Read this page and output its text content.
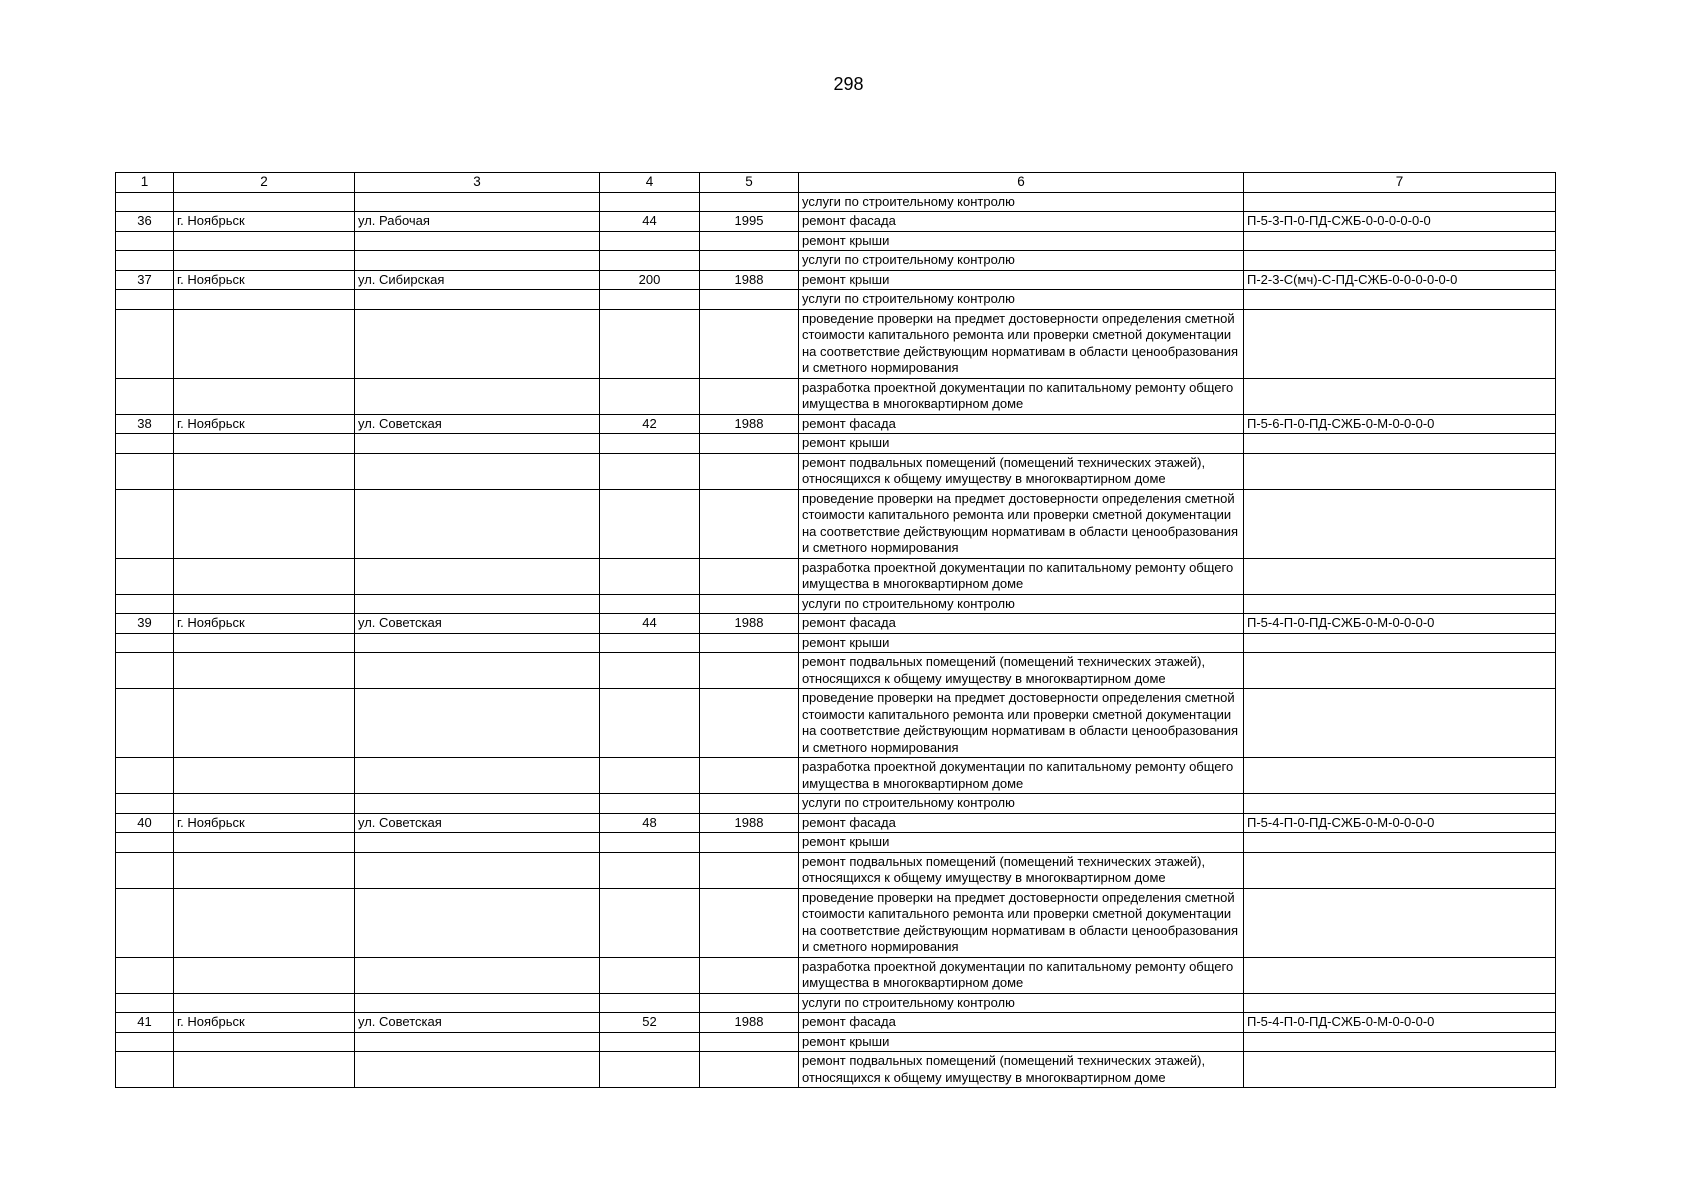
298
1	2	3	4	5	6	7
					услуги по строительному контролю	
36	г. Ноябрьск	ул. Рабочая	44	1995	ремонт фасада	П-5-3-П-0-ПД-СЖБ-0-0-0-0-0-0
					ремонт крыши	
					услуги по строительному контролю	
37	г. Ноябрьск	ул. Сибирская	200	1988	ремонт крыши	П-2-3-С(мч)-С-ПД-СЖБ-0-0-0-0-0-0
					услуги по строительному контролю	
					проведение проверки на предмет достоверности определения сметной стоимости капитального ремонта или проверки сметной документации на соответствие действующим нормативам в области ценообразования и сметного нормирования	
					разработка проектной документации по капитальному ремонту общего имущества в многоквартирном доме	
38	г. Ноябрьск	ул. Советская	42	1988	ремонт фасада	П-5-6-П-0-ПД-СЖБ-0-М-0-0-0-0
					ремонт крыши	
					ремонт подвальных помещений (помещений технических этажей), относящихся к общему имуществу в многоквартирном доме	
					проведение проверки на предмет достоверности определения сметной стоимости капитального ремонта или проверки сметной документации на соответствие действующим нормативам в области ценообразования и сметного нормирования	
					разработка проектной документации по капитальному ремонту общего имущества в многоквартирном доме	
					услуги по строительному контролю	
39	г. Ноябрьск	ул. Советская	44	1988	ремонт фасада	П-5-4-П-0-ПД-СЖБ-0-М-0-0-0-0
					ремонт крыши	
					ремонт подвальных помещений (помещений технических этажей), относящихся к общему имуществу в многоквартирном доме	
					проведение проверки на предмет достоверности определения сметной стоимости капитального ремонта или проверки сметной документации на соответствие действующим нормативам в области ценообразования и сметного нормирования	
					разработка проектной документации по капитальному ремонту общего имущества в многоквартирном доме	
					услуги по строительному контролю	
40	г. Ноябрьск	ул. Советская	48	1988	ремонт фасада	П-5-4-П-0-ПД-СЖБ-0-М-0-0-0-0
					ремонт крыши	
					ремонт подвальных помещений (помещений технических этажей), относящихся к общему имуществу в многоквартирном доме	
					проведение проверки на предмет достоверности определения сметной стоимости капитального ремонта или проверки сметной документации на соответствие действующим нормативам в области ценообразования и сметного нормирования	
					разработка проектной документации по капитальному ремонту общего имущества в многоквартирном доме	
					услуги по строительному контролю	
41	г. Ноябрьск	ул. Советская	52	1988	ремонт фасада	П-5-4-П-0-ПД-СЖБ-0-М-0-0-0-0
					ремонт крыши	
					ремонт подвальных помещений (помещений технических этажей), относящихся к общему имуществу в многоквартирном доме	
